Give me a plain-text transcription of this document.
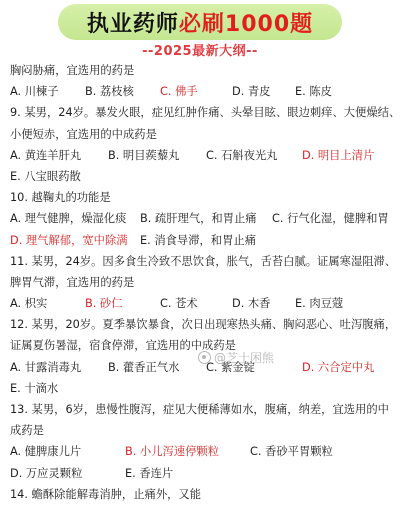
执业药师 必刷1000题
--2025最新大纲--
胸闷胁痛，宜选用的药是
A. 川楝子 B. 荔枝核 C. 佛手	D. 青皮 E. 陈皮
9. 某男，24岁。暴发火眼，症见红肿作痛、头晕目眩、眼边刺痒、大便燥结、
小便短赤，宜选用的中成药是
A. 黄连羊肝丸 B. 明目蒺藜丸 C. 石斛夜光丸 D. 明目上清片
E. 八宝眼药散
10. 越鞠丸的功能是
A. 理气健脾，燥湿化痰 B. 疏肝理气，和胃止痛 C. 行气化湿，健脾和胃
D. 理气解郁，宽中除满 E. 消食导滞，和胃止痛
11. 某男，24岁。因多食生冷致不思饮食，胀气，舌苔白腻。证属寒湿阻滞、
脾胃气滞，宜选用的药是
A. 枳实	B. 砂仁	C. 苍术	D. 木香 E. 肉豆蔻
12. 某男，20岁。夏季暴饮暴食，次日出现寒热头痛、胸闷恶心、吐泻腹痛，
证属夏伤暑湿，宿食停滞，宜选用的中成药是
A. 甘露消毒丸 B. 藿香正气水 C. 紫金锭	D. 六合定中丸
E. 十滴水
13. 某男，6岁，患慢性腹泻，症见大便稀薄如水，腹痛，纳差，宜选用的中
成药是
A. 健脾康儿片	B. 小儿泻速停颗粒	C. 香砂平胃颗粒
D. 万应灵颗粒	E. 香连片
14. 蟾酥除能解毒消肿，止痛外，又能
@芝士困熊
